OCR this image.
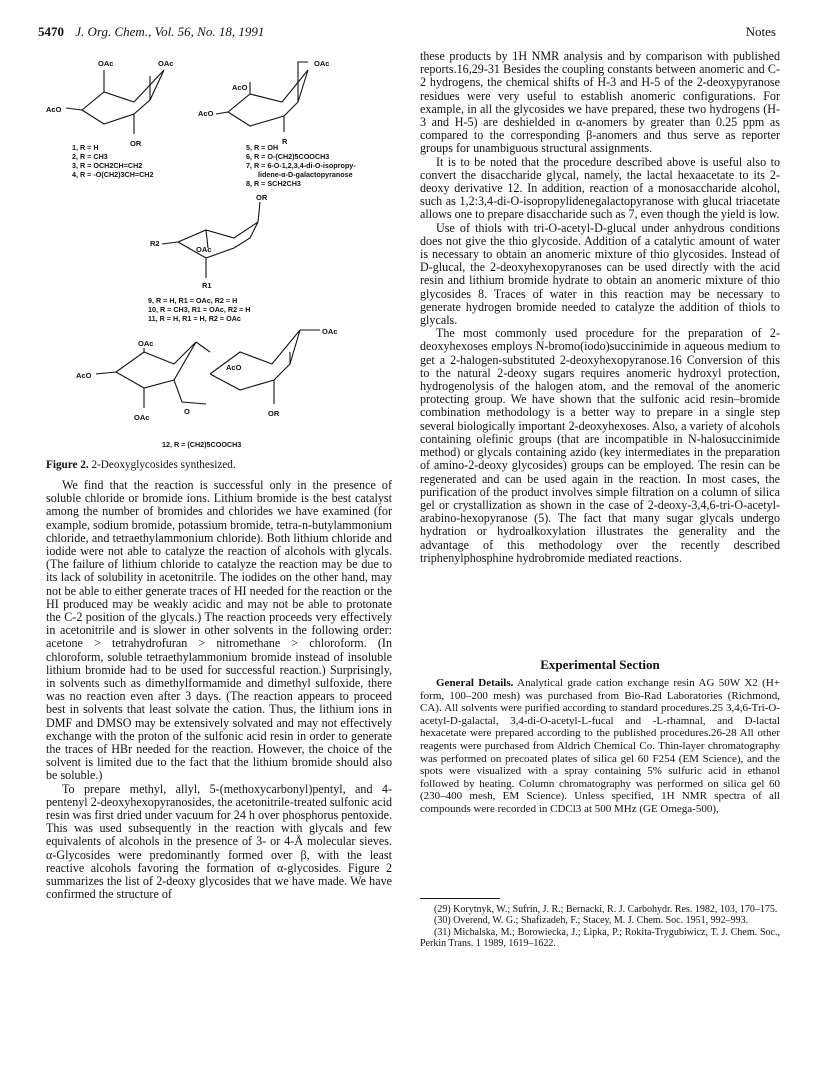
5470 J. Org. Chem., Vol. 56, No. 18, 1991	Notes
OAc	OAc
AcO
OR
OAc
AcO
AcO
R
OR
R2
OAc
R1
OAc
OAc
AcO
AcO
OAc
O	OR
1, R = H
2, R = CH3
3, R = OCH2CH=CH2
4, R = -O(CH2)3CH=CH2
5, R = OH
6, R = O-(CH2)5COOCH3
7, R = 6-O-1,2,3,4-di-O-isopropy-
lidene-α-D-galactopyranose
8, R = SCH2CH3
9, R = H, R1 = OAc, R2 = H
10, R = CH3, R1 = OAc, R2 = H
11, R = H, R1 = H, R2 = OAc
12, R = (CH2)5COOCH3
Figure 2. 2-Deoxyglycosides synthesized.

We find that the reaction is successful only in the presence of soluble chloride or bromide ions. Lithium bromide is the best catalyst among the number of bromides and chlorides we have examined (for example, sodium bromide, potassium bromide, tetra-n-butylammonium chloride, and tetraethylammonium chloride). Both lithium chloride and iodide were not able to catalyze the reaction of alcohols with glycals. (The failure of lithium chloride to catalyze the reaction may be due to its lack of solubility in acetonitrile. The iodides on the other hand, may not be able to either generate traces of HI needed for the reaction or the HI produced may be weakly acidic and may not be able to protonate the C-2 position of the glycals.) The reaction proceeds very effectively in acetonitrile and is slower in other solvents in the following order: acetone > tetrahydrofuran > nitromethane > chloroform. (In chloroform, soluble tetraethylammonium bromide instead of insoluble lithium bromide had to be used for successful reaction.) Surprisingly, in solvents such as dimethylformamide and dimethyl sulfoxide, there was no reaction even after 3 days. (The reaction appears to proceed best in solvents that least solvate the cation. Thus, the lithium ions in DMF and DMSO may be extensively solvated and may not effectively exchange with the proton of the sulfonic acid resin in order to generate the traces of HBr needed for the reaction. However, the choice of the solvent is limited due to the fact that the lithium bromide should also be soluble.)

To prepare methyl, allyl, 5-(methoxycarbonyl)pentyl, and 4-pentenyl 2-deoxyhexopyranosides, the acetonitrile-treated sulfonic acid resin was first dried under vacuum for 24 h over phosphorus pentoxide. This was used subsequently in the reaction with glycals and few equivalents of alcohols in the presence of 3- or 4-Å molecular sieves. α-Glycosides were predominantly formed over β, with the least reactive alcohols favoring the formation of α-glycosides. Figure 2 summarizes the list of 2-deoxy glycosides that we have made. We have confirmed the structure of

these products by 1H NMR analysis and by comparison with published reports.16,29-31 Besides the coupling constants between anomeric and C-2 hydrogens, the chemical shifts of H-3 and H-5 of the 2-deoxypyranose residues were very useful to establish anomeric configurations. For example, in all the glycosides we have prepared, these two hydrogens (H-3 and H-5) are deshielded in α-anomers by greater than 0.25 ppm as compared to the corresponding β-anomers and thus serve as reporter groups for unambiguous structural assignments.

It is to be noted that the procedure described above is useful also to convert the disaccharide glycal, namely, the lactal hexaacetate to its 2-deoxy derivative 12. In addition, reaction of a monosaccharide alcohol, such as 1,2:3,4-di-O-isopropylidenegalactopyranose with glucal triacetate allows one to prepare disaccharide such as 7, even though the yield is low.

Use of thiols with tri-O-acetyl-D-glucal under anhydrous conditions does not give the thio glycoside. Addition of a catalytic amount of water is necessary to obtain an anomeric mixture of thio glycosides. Instead of D-glucal, the 2-deoxyhexopyranoses can be used directly with the acid resin and lithium bromide hydrate to obtain an anomeric mixture of thio glycosides 8. Traces of water in this reaction may be necessary to generate hydrogen bromide needed to catalyze the addition of thiols to glycals.

The most commonly used procedure for the preparation of 2-deoxyhexoses employs N-bromo(iodo)succinimide in aqueous medium to get a 2-halogen-substituted 2-deoxyhexopyranose.16 Conversion of this to the natural 2-deoxy sugars requires anomeric hydroxyl protection, hydrogenolysis of the halogen atom, and the removal of the anomeric protecting group. We have shown that the sulfonic acid resin–bromide combination methodology is a better way to prepare in a single step several biologically important 2-deoxyhexoses. Also, a variety of alcohols containing olefinic groups (that are incompatible in N-halosuccinimide method) or glycals containing azido (key intermediates in the preparation of amino-2-deoxy glycosides) groups can be employed. The resin can be regenerated and can be used again in the reaction. In most cases, the purification of the product involves simple filtration on a column of silica gel or crystallization as shown in the case of 2-deoxy-3,4,6-tri-O-acetyl-arabino-hexopyranose (5). The fact that many sugar glycals undergo hydration or hydroalkoxylation illustrates the generality and the advantage of this methodology over the recently described triphenylphosphine hydrobromide mediated reactions.

Experimental Section

General Details. Analytical grade cation exchange resin AG 50W X2 (H+ form, 100–200 mesh) was purchased from Bio-Rad Laboratories (Richmond, CA). All solvents were purified according to standard procedures.25 3,4,6-Tri-O-acetyl-D-galactal, 3,4-di-O-acetyl-L-fucal and -L-rhamnal, and D-lactal hexacetate were prepared according to the published procedures.26-28 All other reagents were purchased from Aldrich Chemical Co. Thin-layer chromatography was performed on precoated plates of silica gel 60 F254 (EM Science), and the spots were visualized with a spray containing 5% sulfuric acid in ethanol followed by heating. Column chromatography was performed on silica gel 60 (230–400 mesh, EM Science). Unless specified, 1H NMR spectra of all compounds were recorded in CDCl3 at 500 MHz (GE Omega-500),

(29) Korytnyk, W.; Sufrin, J. R.; Bernacki, R. J. Carbohydr. Res. 1982, 103, 170–175.

(30) Overend, W. G.; Shafizadeh, F.; Stacey, M. J. Chem. Soc. 1951, 992–993.

(31) Michalska, M.; Borowiecka, J.; Lipka, P.; Rokita-Trygubiwicz, T. J. Chem. Soc., Perkin Trans. 1 1989, 1619–1622.
